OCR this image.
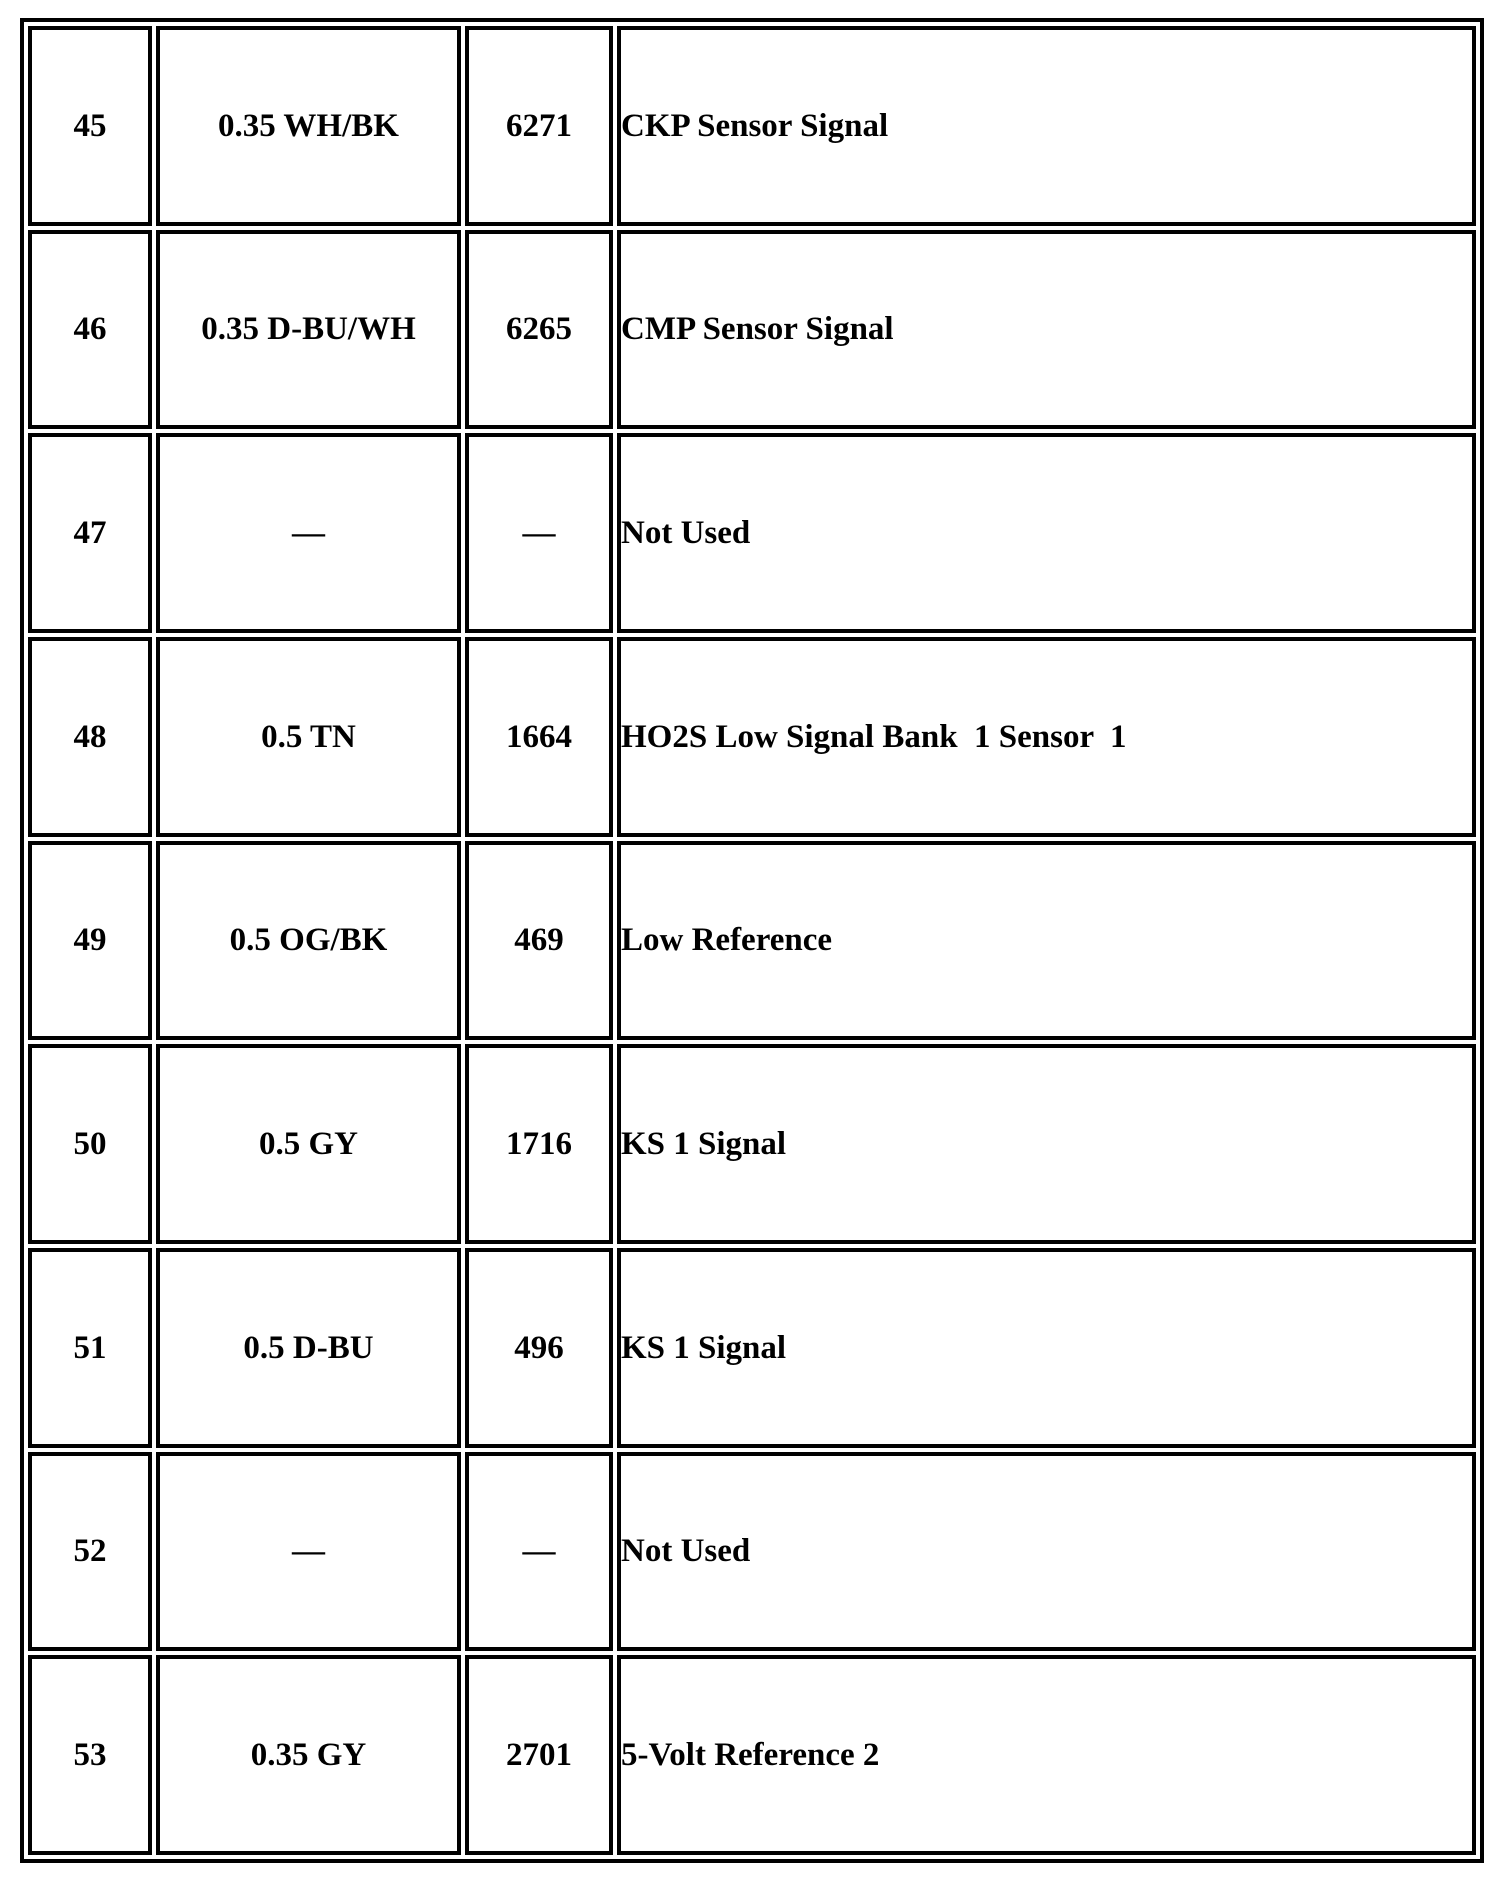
45	0.35 WH/BK	6271	CKP Sensor Signal
46	0.35 D-BU/WH	6265	CMP Sensor Signal
47	—	—	Not Used
48	0.5 TN	1664	HO2S Low Signal Bank  1 Sensor  1
49	0.5 OG/BK	469	Low Reference
50	0.5 GY	1716	KS 1 Signal
51	0.5 D-BU	496	KS 1 Signal
52	—	—	Not Used
53	0.35 GY	2701	5-Volt Reference 2
